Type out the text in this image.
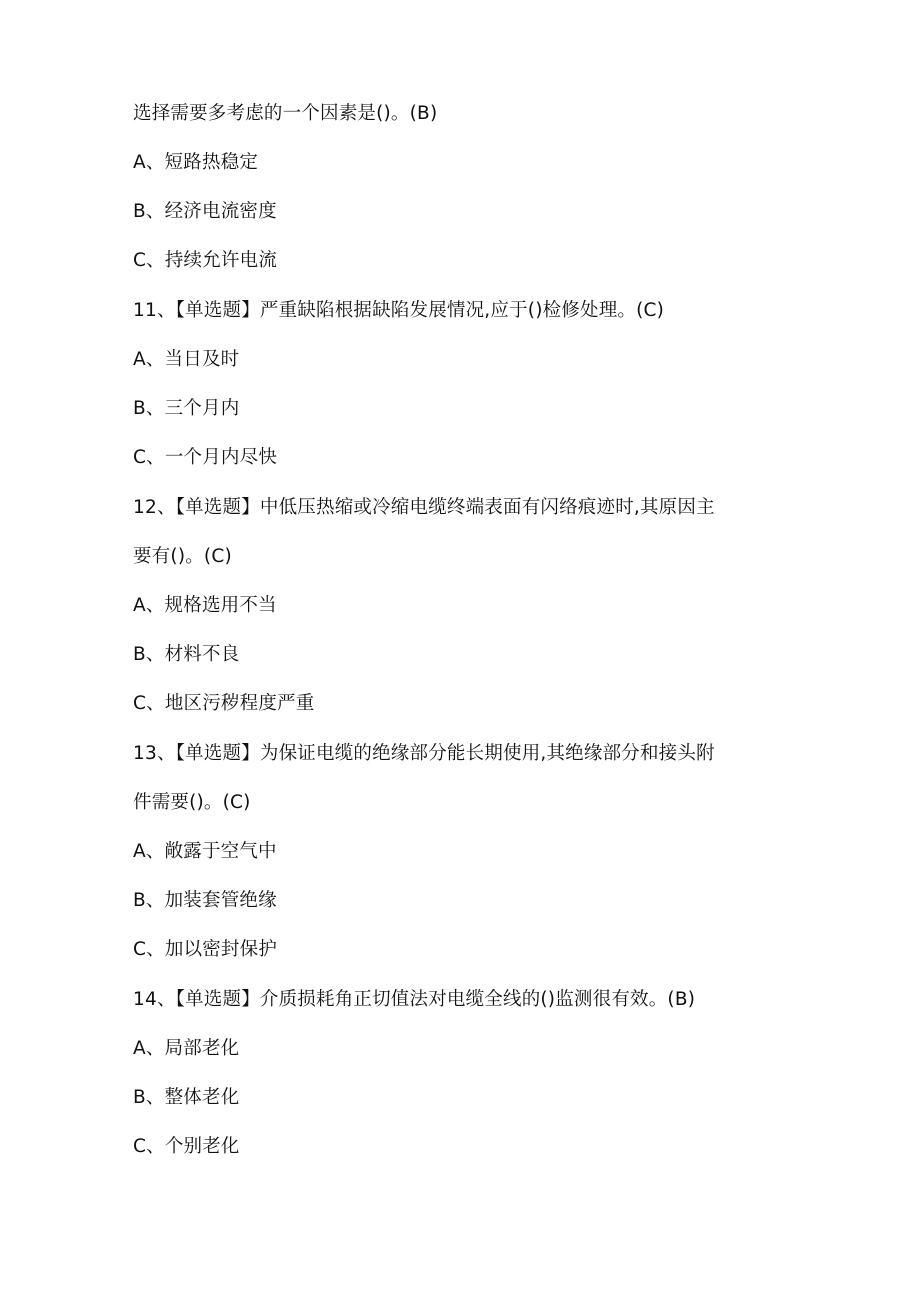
选择需要多考虑的一个因素是()。(B)
A、短路热稳定
B、经济电流密度
C、持续允许电流
11、【单选题】严重缺陷根据缺陷发展情况,应于()检修处理。(C)
A、当日及时
B、三个月内
C、一个月内尽快
12、【单选题】中低压热缩或冷缩电缆终端表面有闪络痕迹时,其原因主
要有()。(C)
A、规格选用不当
B、材料不良
C、地区污秽程度严重
13、【单选题】为保证电缆的绝缘部分能长期使用,其绝缘部分和接头附
件需要()。(C)
A、敞露于空气中
B、加装套管绝缘
C、加以密封保护
14、【单选题】介质损耗角正切值法对电缆全线的()监测很有效。(B)
A、局部老化
B、整体老化
C、个别老化
